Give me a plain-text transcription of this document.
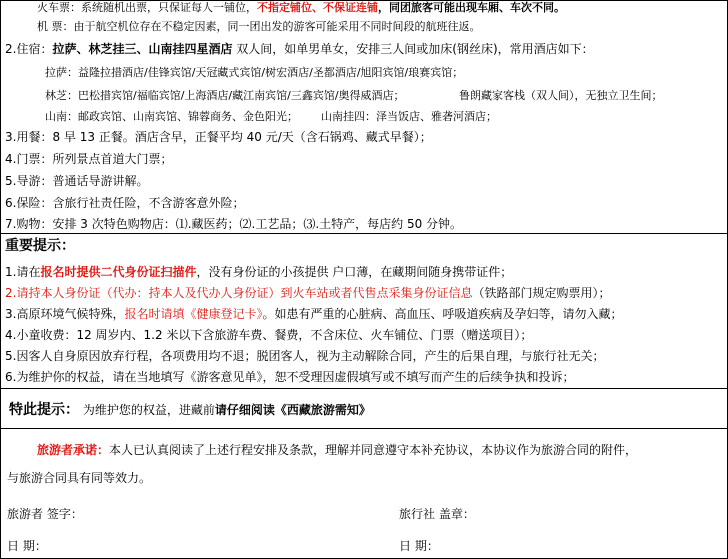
火车票：系统随机出票，只保证每人一铺位，不指定铺位、不保证连铺，同团旅客可能出现车厢、车次不同。
机 票：由于航空机位存在不稳定因素，同一团出发的游客可能采用不同时间段的航班往返。
2.住宿：拉萨、林芝挂三、山南挂四星酒店 双人间，如单男单女，安排三人间或加床(钢丝床)，常用酒店如下：
拉萨：益隆拉措酒店/佳锋宾馆/天冠藏式宾馆/树宏酒店/圣都酒店/旭阳宾馆/琅赛宾馆；
林芝：巴松措宾馆/福临宾馆/上海酒店/藏江南宾馆/三鑫宾馆/奥得威酒店；	鲁朗藏家客栈（双人间），无独立卫生间；
山南：邮政宾馆、山南宾馆、锦蓉商务、金色阳光； 山南挂四：泽当饭店、雅砻河酒店；
3.用餐：8 早 13 正餐。酒店含早，正餐平均 40 元/天（含石锅鸡、藏式早餐）；
4.门票：所列景点首道大门票；
5.导游：普通话导游讲解。
6.保险：含旅行社责任险，不含游客意外险；
7.购物：安排 3 次特色购物店：⑴.藏医药；⑵.工艺品；⑶.土特产，每店约 50 分钟。
重要提示：
1.请在报名时提供二代身份证扫描件，没有身份证的小孩提供 户口薄，在藏期间随身携带证件；
2.请持本人身份证（代办：持本人及代办人身份证）到火车站或者代售点采集身份证信息（铁路部门规定购票用）；
3.高原环境气候特殊，报名时请填《健康登记卡》。如患有严重的心脏病、高血压、呼吸道疾病及孕妇等，请勿入藏；
4.小童收费：12 周岁内、1.2 米以下含旅游车费、餐费，不含床位、火车铺位、门票（赠送项目）；
5.因客人自身原因放弃行程，各项费用均不退；脱团客人，视为主动解除合同，产生的后果自理，与旅行社无关；
6.为维护你的权益，请在当地填写《游客意见单》，恕不受理因虚假填写或不填写而产生的后续争执和投诉；
特此提示： 为维护您的权益，进藏前请仔细阅读《西藏旅游需知》
旅游者承诺：本人已认真阅读了上述行程安排及条款，理解并同意遵守本补充协议，本协议作为旅游合同的附件，
与旅游合同具有同等效力。
旅游者 签字：	旅行社 盖章：
日 期：	日 期：
